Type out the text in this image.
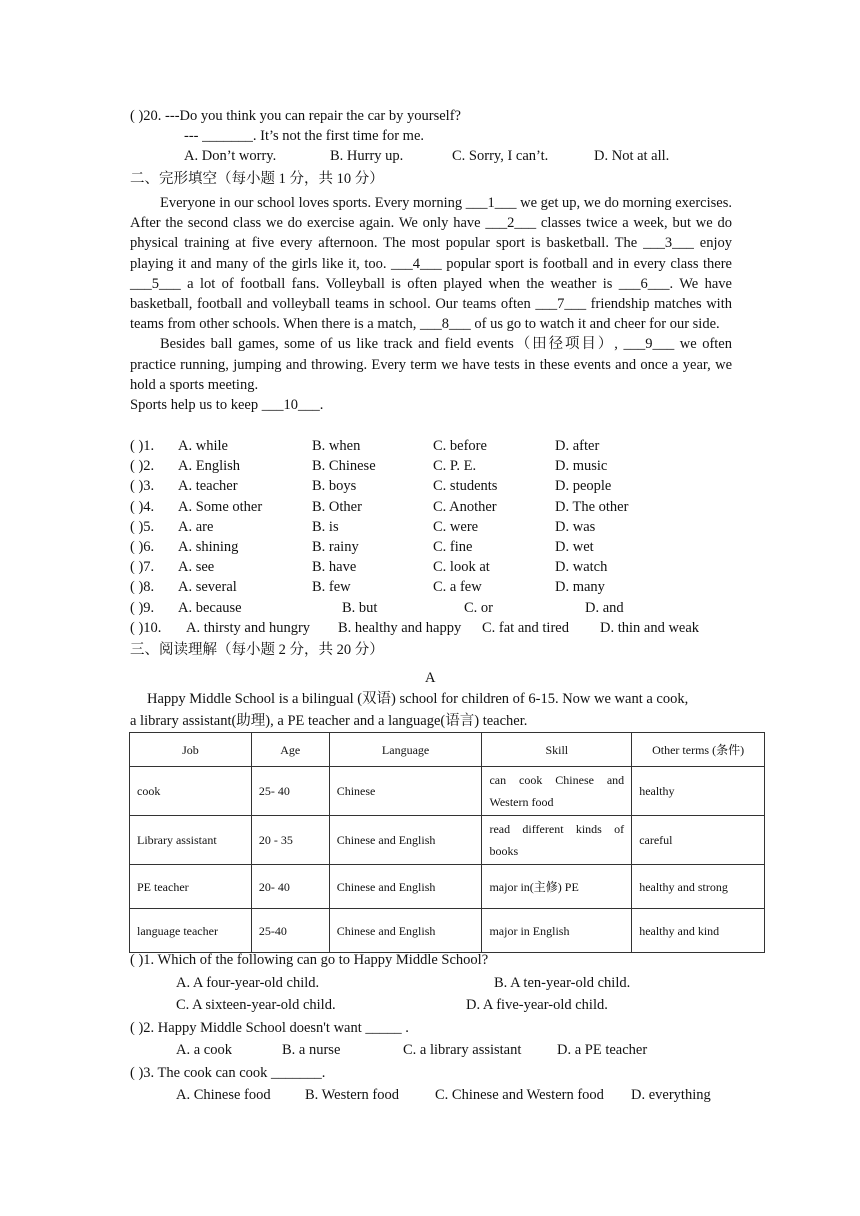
( )20. ---Do you think you can repair the car by yourself?
--- _______. It’s not the first time for me.
A. Don’t worry.	B. Hurry up.	C. Sorry, I can’t.	D. Not at all.
二、完形填空（每小题 1 分，共 10 分）

Everyone in our school loves sports. Every morning ___1___ we get up, we do morning exercises. After the second class we do exercise again. We only have ___2___ classes twice a week, but we do physical training at five every afternoon. The most popular sport is basketball. The ___3___ enjoy playing it and many of the girls like it, too. ___4___ popular sport is football and in every class there ___5___ a lot of football fans. Volleyball is often played when the weather is ___6___. We have basketball, football and volleyball teams in school. Our teams often ___7___ friendship matches with teams from other schools. When there is a match, ___8___ of us go to watch it and cheer for our side.

Besides ball games, some of us like track and field events（田径项目）, ___9___ we often practice running, jumping and throwing. Every term we have tests in these events and once a year, we hold a sports meeting.

Sports help us to keep ___10___.

( )1. A. while	B. when	C. before	D. after
( )2. A. English	B. Chinese	C. P. E.	D. music
( )3. A. teacher	B. boys	C. students	D. people
( )4. A. Some other	B. Other	C. Another	D. The other
( )5. A. are	B. is	C. were	D. was
( )6. A. shining	B. rainy	C. fine	D. wet
( )7. A. see	B. have	C. look at	D. watch
( )8. A. several	B. few	C. a few	D. many
( )9. A. because	B. but	C. or	D. and
( )10. A. thirsty and hungry B. healthy and happy C. fat and tired D. thin and weak
三、阅读理解（每小题 2 分，共 20 分）
A
Happy Middle School is a bilingual (双语) school for children of 6-15. Now we want a cook,
a library assistant(助理), a PE teacher and a language(语言) teacher.
Job	Age	Language	Skill	Other terms (条件)
cook	25- 40	Chinese	can cook Chinese and Western food	healthy
Library assistant	20 - 35	Chinese and English	read different kinds of books	careful
PE teacher	20- 40	Chinese and English	major in(主修) PE	healthy and strong
language teacher	25-40	Chinese and English	major in English	healthy and kind
( )1. Which of the following can go to Happy Middle School?
A. A four-year-old child.	B. A ten-year-old child.
C. A sixteen-year-old child.	D. A five-year-old child.
( )2. Happy Middle School doesn't want _____ .
A. a cook	B. a nurse	C. a library assistant D. a PE teacher
( )3. The cook can cook _______.
A. Chinese food B. Western food C. Chinese and Western food D. everything
